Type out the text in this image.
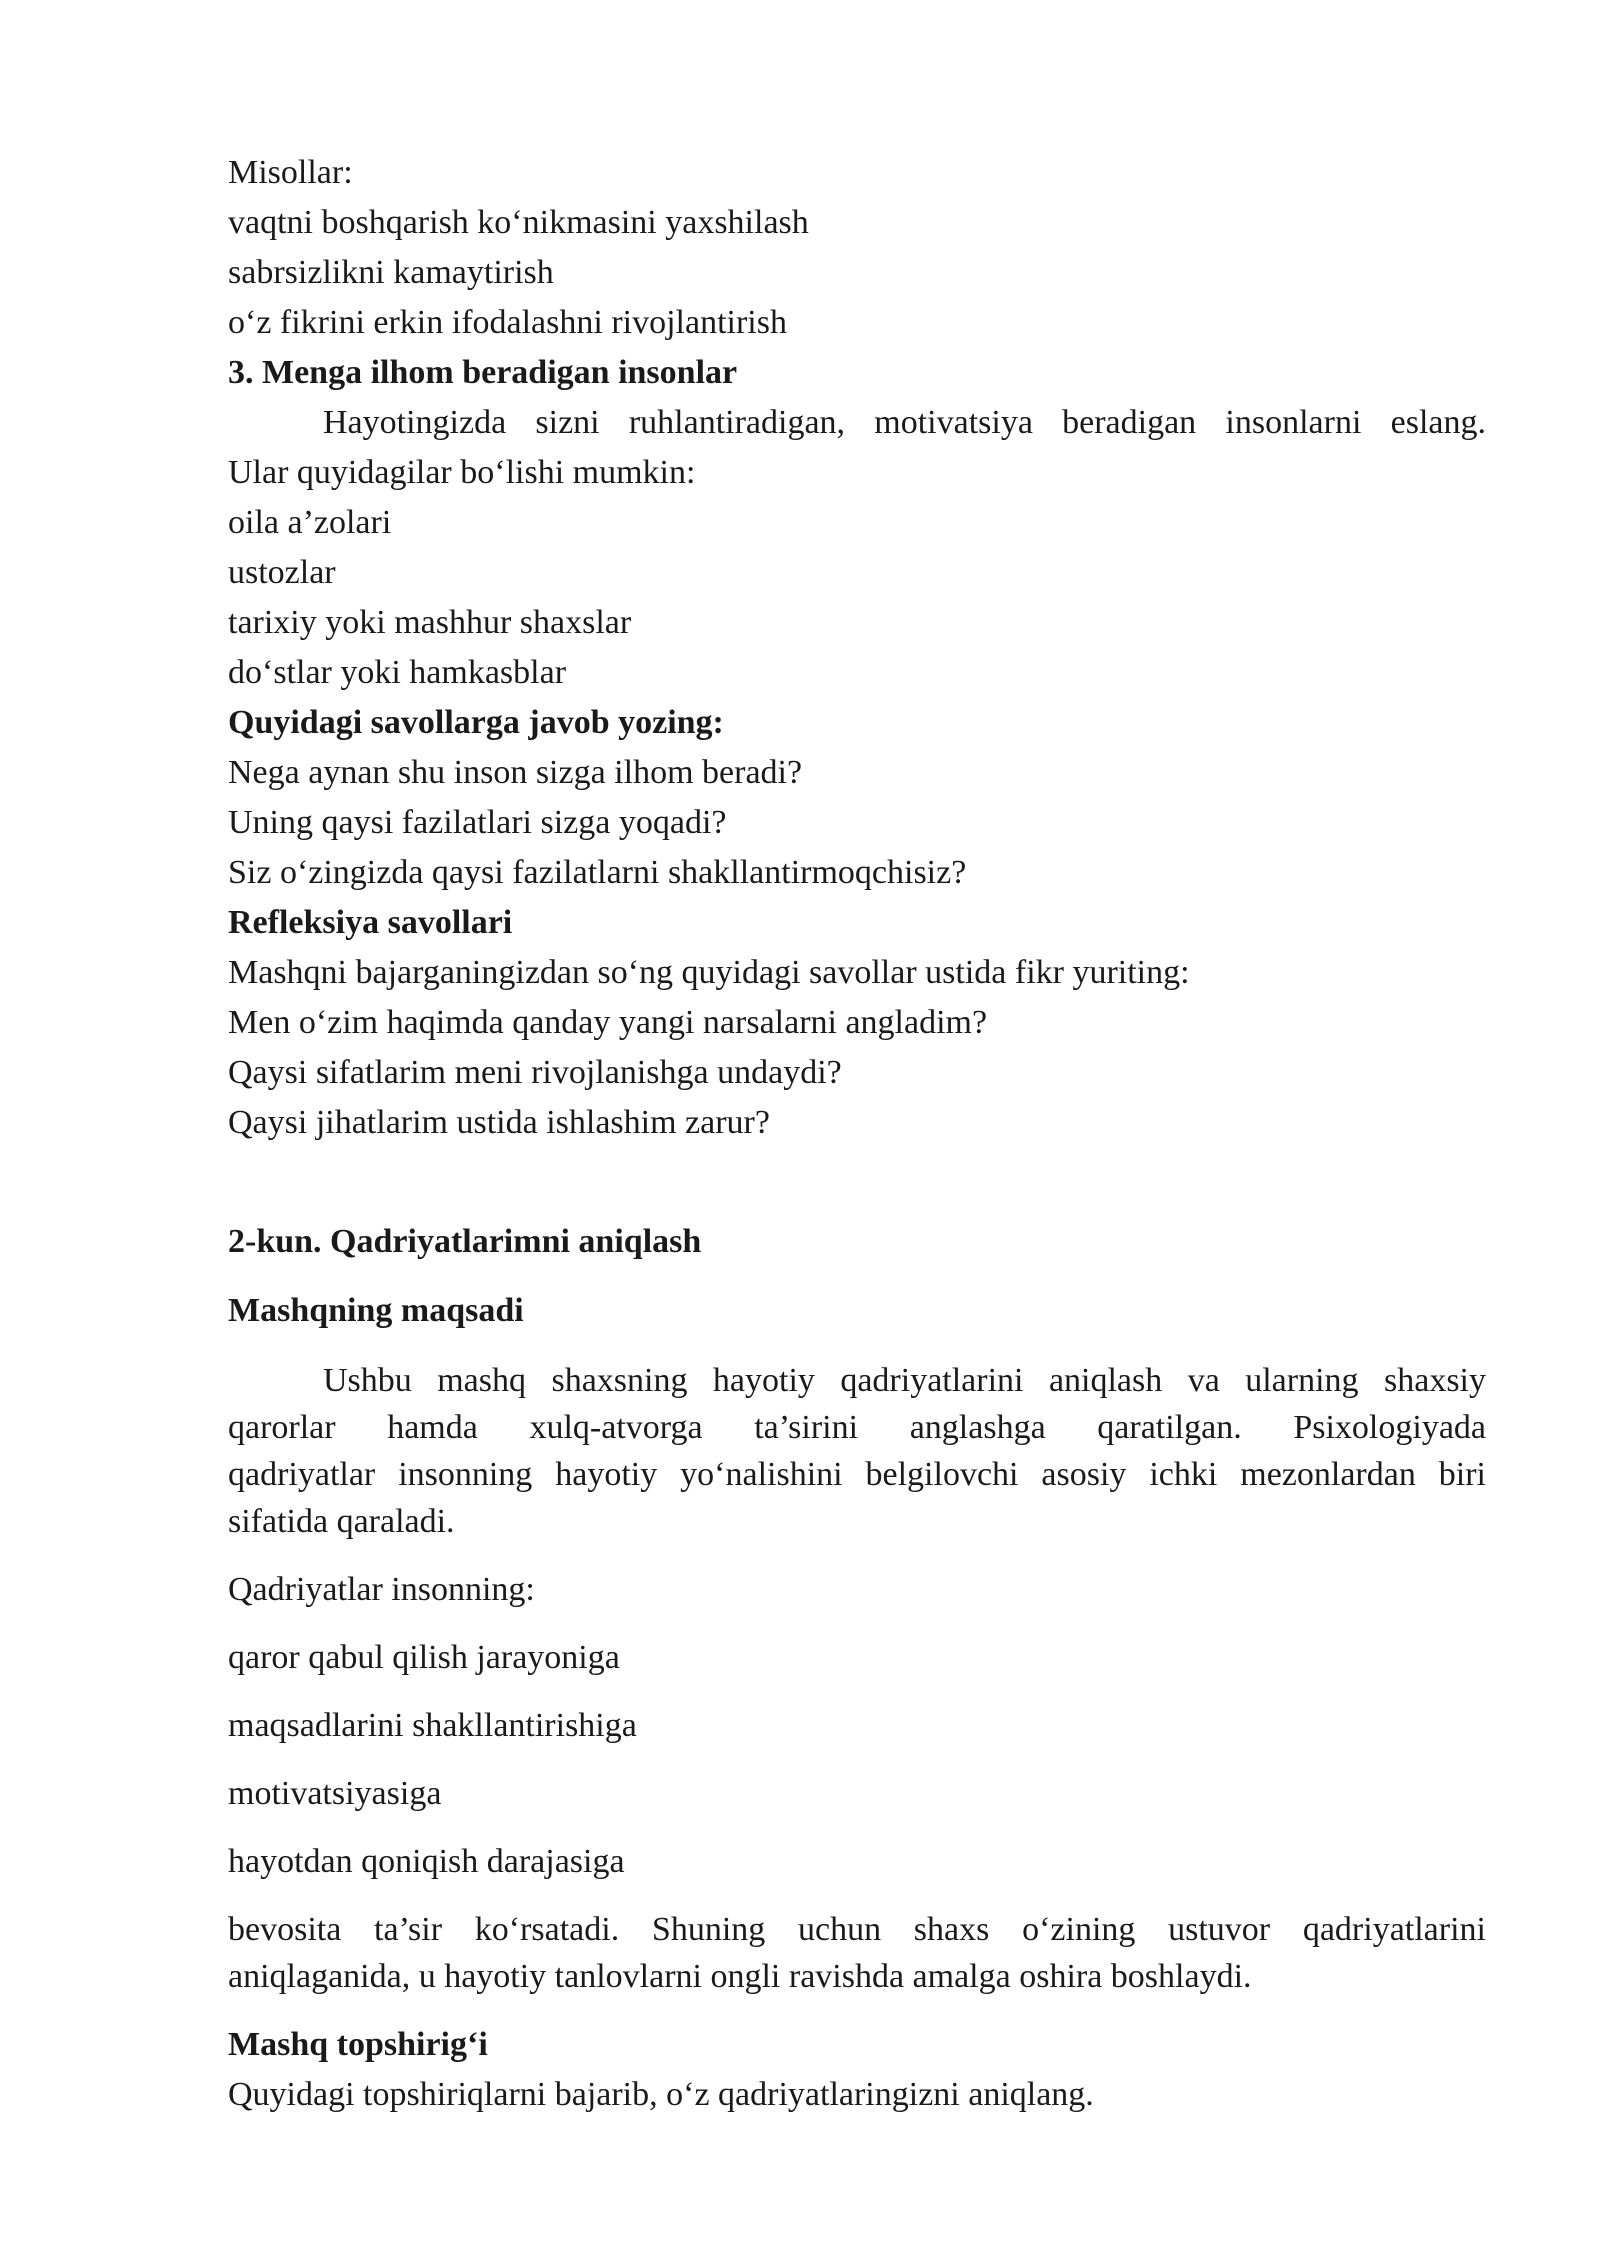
Misollar:

vaqtni boshqarish ko‘nikmasini yaxshilash

sabrsizlikni kamaytirish

o‘z fikrini erkin ifodalashni rivojlantirish

3. Menga ilhom beradigan insonlar

Hayotingizda sizni ruhlantiradigan, motivatsiya beradigan insonlarni eslang.

Ular quyidagilar bo‘lishi mumkin:

oila a’zolari

ustozlar

tarixiy yoki mashhur shaxslar

do‘stlar yoki hamkasblar

Quyidagi savollarga javob yozing:

Nega aynan shu inson sizga ilhom beradi?

Uning qaysi fazilatlari sizga yoqadi?

Siz o‘zingizda qaysi fazilatlarni shakllantirmoqchisiz?

Refleksiya savollari

Mashqni bajarganingizdan so‘ng quyidagi savollar ustida fikr yuriting:

Men o‘zim haqimda qanday yangi narsalarni angladim?

Qaysi sifatlarim meni rivojlanishga undaydi?

Qaysi jihatlarim ustida ishlashim zarur?

2-kun. Qadriyatlarimni aniqlash

Mashqning maqsadi

Ushbu mashq shaxsning hayotiy qadriyatlarini aniqlash va ularning shaxsiy

qarorlar hamda xulq-atvorga ta’sirini anglashga qaratilgan. Psixologiyada

qadriyatlar insonning hayotiy yo‘nalishini belgilovchi asosiy ichki mezonlardan biri

sifatida qaraladi.

Qadriyatlar insonning:

qaror qabul qilish jarayoniga

maqsadlarini shakllantirishiga

motivatsiyasiga

hayotdan qoniqish darajasiga

bevosita ta’sir ko‘rsatadi. Shuning uchun shaxs o‘zining ustuvor qadriyatlarini

aniqlaganida, u hayotiy tanlovlarni ongli ravishda amalga oshira boshlaydi.

Mashq topshirig‘i

Quyidagi topshiriqlarni bajarib, o‘z qadriyatlaringizni aniqlang.
